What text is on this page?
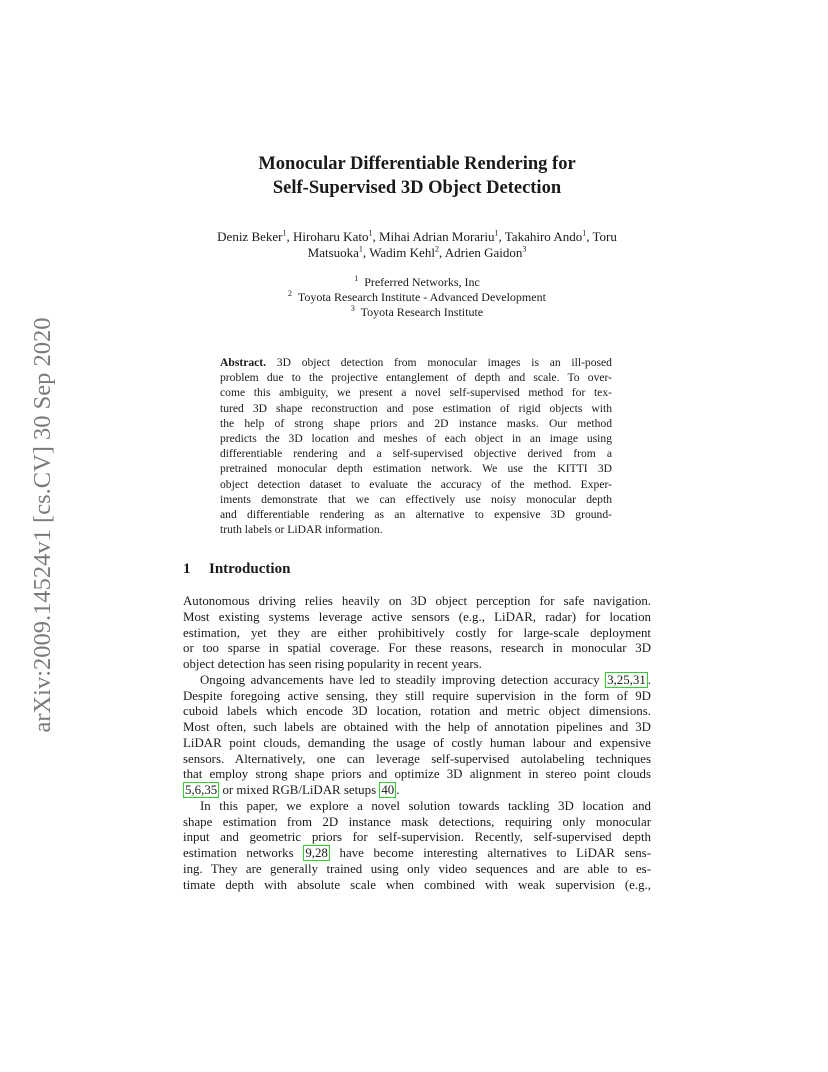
arXiv:2009.14524v1 [cs.CV] 30 Sep 2020
Monocular Differentiable Rendering for
Self-Supervised 3D Object Detection
Deniz Beker$^1$, Hiroharu Kato$^1$, Mihai Adrian Morariu$^1$, Takahiro Ando$^1$, Toru
Matsuoka$^1$, Wadim Kehl$^2$, Adrien Gaidon$^3$
$^1$ Preferred Networks, Inc
$^2$ Toyota Research Institute - Advanced Development
$^3$ Toyota Research Institute
Abstract. 3D object detection from monocular images is an ill-posed
problem due to the projective entanglement of depth and scale. To over-
come this ambiguity, we present a novel self-supervised method for tex-
tured 3D shape reconstruction and pose estimation of rigid objects with
the help of strong shape priors and 2D instance masks. Our method
predicts the 3D location and meshes of each object in an image using
differentiable rendering and a self-supervised objective derived from a
pretrained monocular depth estimation network. We use the KITTI 3D
object detection dataset to evaluate the accuracy of the method. Exper-
iments demonstrate that we can effectively use noisy monocular depth
and differentiable rendering as an alternative to expensive 3D ground-
truth labels or LiDAR information.
1 Introduction
Autonomous driving relies heavily on 3D object perception for safe navigation.
Most existing systems leverage active sensors (e.g., LiDAR, radar) for location
estimation, yet they are either prohibitively costly for large-scale deployment
or too sparse in spatial coverage. For these reasons, research in monocular 3D
object detection has seen rising popularity in recent years.
Ongoing advancements have led to steadily improving detection accuracy 3,25,31 .
Despite foregoing active sensing, they still require supervision in the form of 9D
cuboid labels which encode 3D location, rotation and metric object dimensions.
Most often, such labels are obtained with the help of annotation pipelines and 3D
LiDAR point clouds, demanding the usage of costly human labour and expensive
sensors. Alternatively, one can leverage self-supervised autolabeling techniques
that employ strong shape priors and optimize 3D alignment in stereo point clouds
5,6,35 or mixed RGB/LiDAR setups 40 .
In this paper, we explore a novel solution towards tackling 3D location and
shape estimation from 2D instance mask detections, requiring only monocular
input and geometric priors for self-supervision. Recently, self-supervised depth
estimation networks 9,28 have become interesting alternatives to LiDAR sens-
ing. They are generally trained using only video sequences and are able to es-
timate depth with absolute scale when combined with weak supervision (e.g.,
